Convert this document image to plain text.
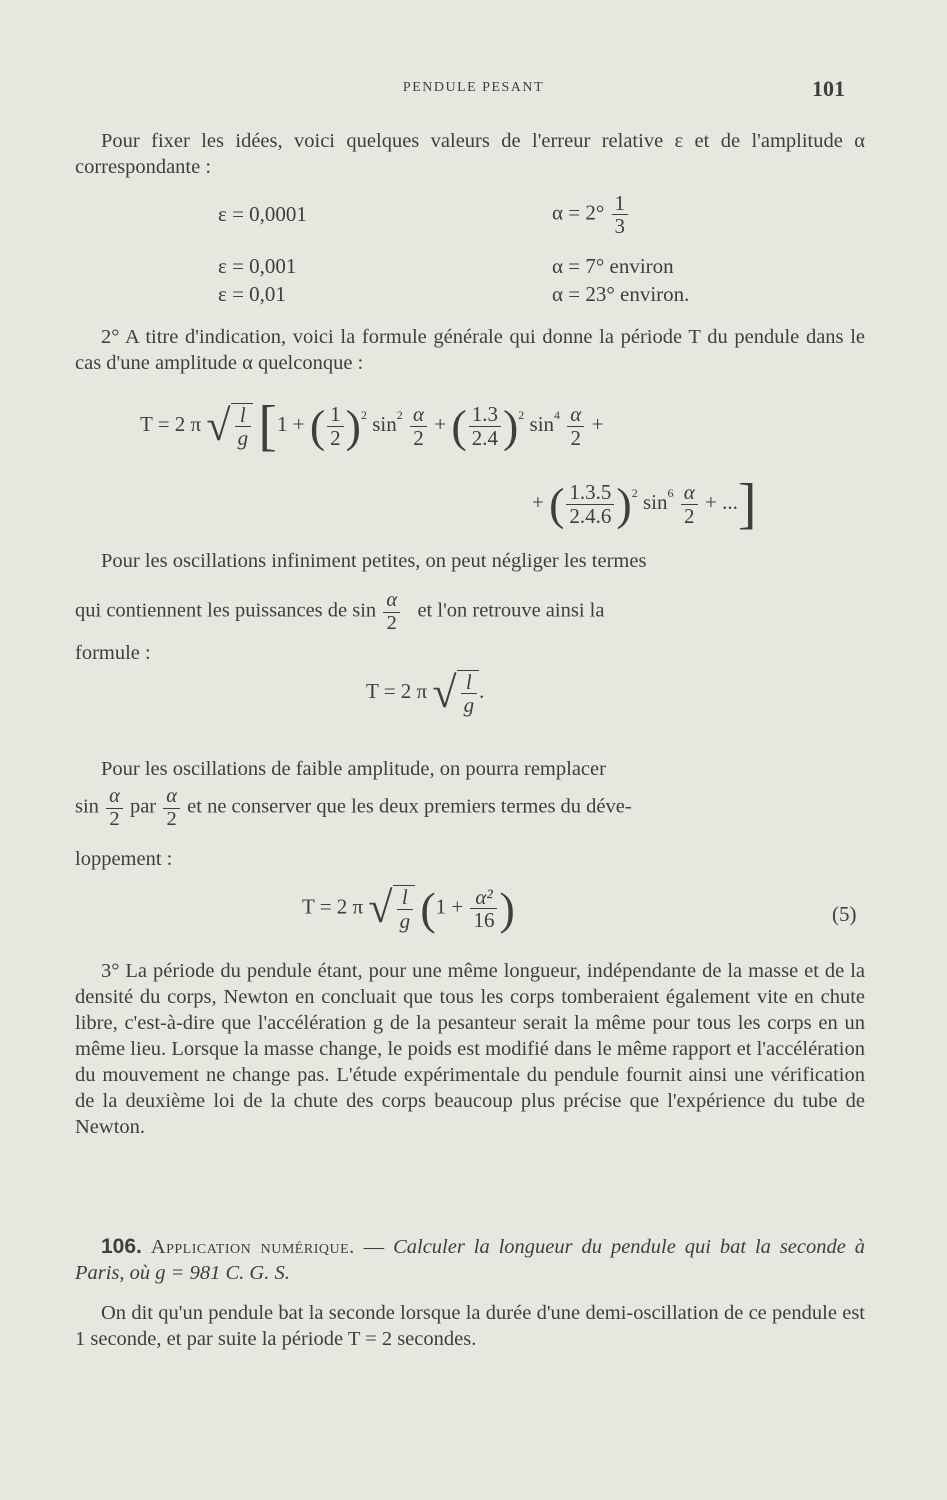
PENDULE PESANT	101

Pour fixer les idées, voici quelques valeurs de l'erreur relative ε et de l'amplitude α correspondante :

ε = 0,0001	$\alpha = 2^\circ \frac{1}{3}$
ε = 0,001	α = 7° environ
ε = 0,01	α = 23° environ.

2° A titre d'indication, voici la formule générale qui donne la période T du pendule dans le cas d'une amplitude α quelconque :

T = 2 π √ $\frac{l}{g} [1$ + ( $\frac{1}{2} )^2$ $\sin^2 \frac{\alpha}{2}$ + ( $\frac{1.3}{2.4} )^2$ $\sin^4 \frac{\alpha}{2}$ +
+ ( $\frac{1.3.5}{2.4.6} )^2$ $\sin^6 \frac{\alpha}{2}$ + ...]
Pour les oscillations infiniment petites, on peut négliger les termes
qui contiennent les puissances de $\sin \frac{\alpha}{2}$ et l'on retrouve ainsi la
formule :
T = 2 π √ $\frac{l}{g}$ .
Pour les oscillations de faible amplitude, on pourra remplacer
$\sin \frac{\alpha}{2}$ par $\frac{\alpha}{2}$ et ne conserver que les deux premiers termes du déve-
loppement :
T = 2 π √ $\frac{l}{g} (1 + \frac{\text{α²}}{16}$ )	(5)

3° La période du pendule étant, pour une même longueur, indépendante de la masse et de la densité du corps, Newton en concluait que tous les corps tomberaient également vite en chute libre, c'est-à-dire que l'accélération g de la pesanteur serait la même pour tous les corps en un même lieu. Lorsque la masse change, le poids est modifié dans le même rapport et l'accélération du mouvement ne change pas. L'étude expérimentale du pendule fournit ainsi une vérification de la deuxième loi de la chute des corps beaucoup plus précise que l'expérience du tube de Newton.

106. Application numérique. — Calculer la longueur du pendule qui bat la seconde à Paris, où g = 981 C. G. S.

On dit qu'un pendule bat la seconde lorsque la durée d'une demi-oscillation de ce pendule est 1 seconde, et par suite la période T = 2 secondes.
